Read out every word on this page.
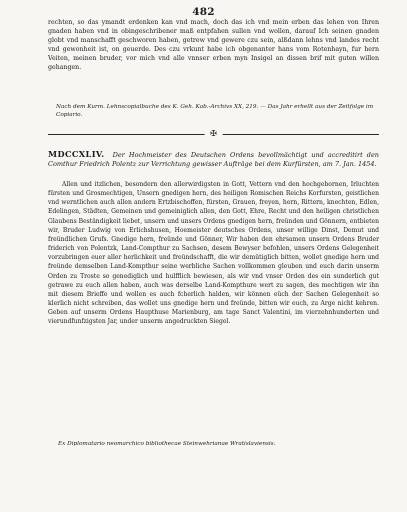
482

rechten, so das ymandt erdenken kan vnd mach, doch das ich vnd mein erben das lehen von Ihren gnaden haben vnd in obingeschribener maß entpfahen sullen vnd wollen, darauf Ich seinen gnaden globt vnd manschafft geschworen haben, getrew vnd gewere czu sein, alßdann lehns vnd landes recht vnd gewonheit ist, on geuerde. Des czu vrkunt habe ich obgenanter hans vom Rotenhayn, fur hern Veiten, meinen bruder, vor mich vnd alle vnnser erben myn Insigel an dissen brif mit guten willen gehangen.

Nach dem Kurm. Lehnscopialbuche des K. Geh. Kab.-Archivs XX, 219. — Das Jahr erhellt aus der Zeitfolge im Copiario.
✠
MDCCXLIV. Der Hochmeister des Deutschen Ordens bevollmächtigt und accreditirt den Comthur Friedrich Polentz zur Verrichtung gewisser Aufträge bei dem Kurfürsten, am 7. Jan. 1454.
Allen und itzlichen, besondern den allerwirdigsten in Gott, Vettern vnd den hochgebornen, Irluchten fürsten und Grosmechtigen, Unsern gnedigen hern, des heiligen Romischen Reichs Korfursten, geistlichen vnd werntlichen auch allen andern Ertzbischoffen, fürsten, Grauen, freyen, hern, Rittern, knechten, Edlen, Edelingen, Städten, Gemeinen und gemeiniglich allen, den Gott, Ehre, Recht und den heiligen christlichen Glaubens Beständigkeit liebet, unsern und unsers Ordens gnedigen hern, freünden und Gönnern, entbieten wir, Bruder Ludwig von Erlichshusen, Hoemeister deutsches Ordens, unser willige Dinst, Demut und freündlichen Grufs. Gnedige hern, freünde und Gönner, Wir haben den ehrsamen unsern Ordens Bruder friderich von Polentzk, Land-Compthur zu Sachsen, desem Bewyser befohlen, unsers Ordens Gelegenheit vorzubringen euer aller herlichkeit und freündschafft, die wir demütiglich bitten, wollet gnedige hern und freünde demselben Land-Kompthur seine werbliche Sachen vollkommen gleuben und euch darin unserm Orden zu Troste so genediglich und hulfflich bewiesen, als wir vnd vnser Orden des ein sunderlich gut getrawe zu euch allen haben, auch was derselbe Land-Kompthure wert zu sagen, des mechtigen wir ihn mit diesem Brieffe und wollen es auch fcherlich halden, wir können eüch der Sachen Gelegenheit so klerlich nicht schreiben, das wollet uns gnedige hern und freünde, bitten wir euch, zu Arge nicht kehren. Geben auf unserm Ordens Haupthuse Marienburg, am tage Sanct Valentini, im vierzehnhunderten und vierundfunfzigsten Jar, under unserm angedruckten Siegel.
Ex Diplomatario neomarchico bibliothecae Steinwehrianae Wratislaviensis.
